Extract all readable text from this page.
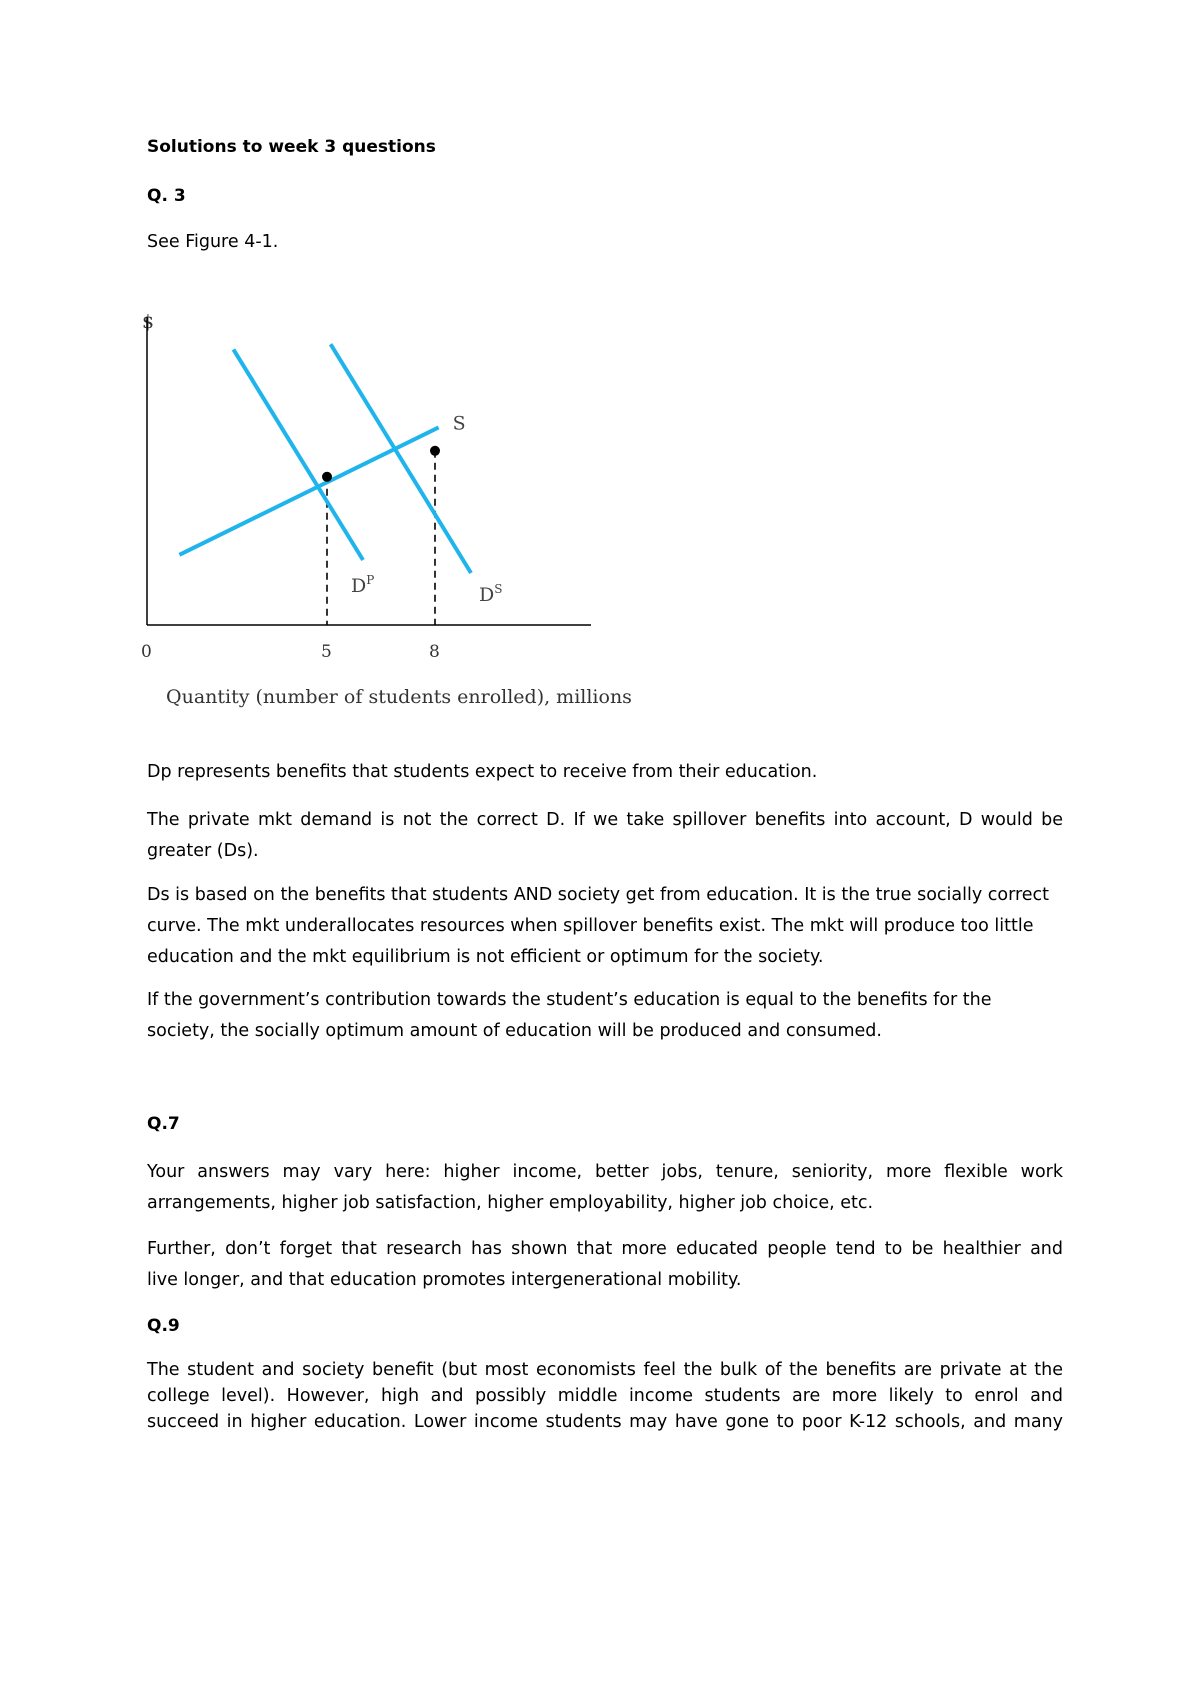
Solutions to week 3 questions

Q. 3

See Figure 4-1.

$
S
$D^P$
$D^S$
0	5	8
Quantity (number of students enrolled), millions

Dp represents benefits that students expect to receive from their education.

The private mkt demand is not the correct D. If we take spillover benefits into account, D would be greater (Ds).

Ds is based on the benefits that students AND society get from education. It is the true socially correct curve. The mkt underallocates resources when spillover benefits exist. The mkt will produce too little education and the mkt equilibrium is not efficient or optimum for the society.

If the government’s contribution towards the student’s education is equal to the benefits for the society, the socially optimum amount of education will be produced and consumed.

Q.7

Your answers may vary here: higher income, better jobs, tenure, seniority, more flexible work
arrangements, higher job satisfaction, higher employability, higher job choice, etc.

Further, don’t forget that research has shown that more educated people tend to be healthier and
live longer, and that education promotes intergenerational mobility.

Q.9

The student and society benefit (but most economists feel the bulk of the benefits are private at the
college level). However, high and possibly middle income students are more likely to enrol and
succeed in higher education. Lower income students may have gone to poor K-12 schools, and many
